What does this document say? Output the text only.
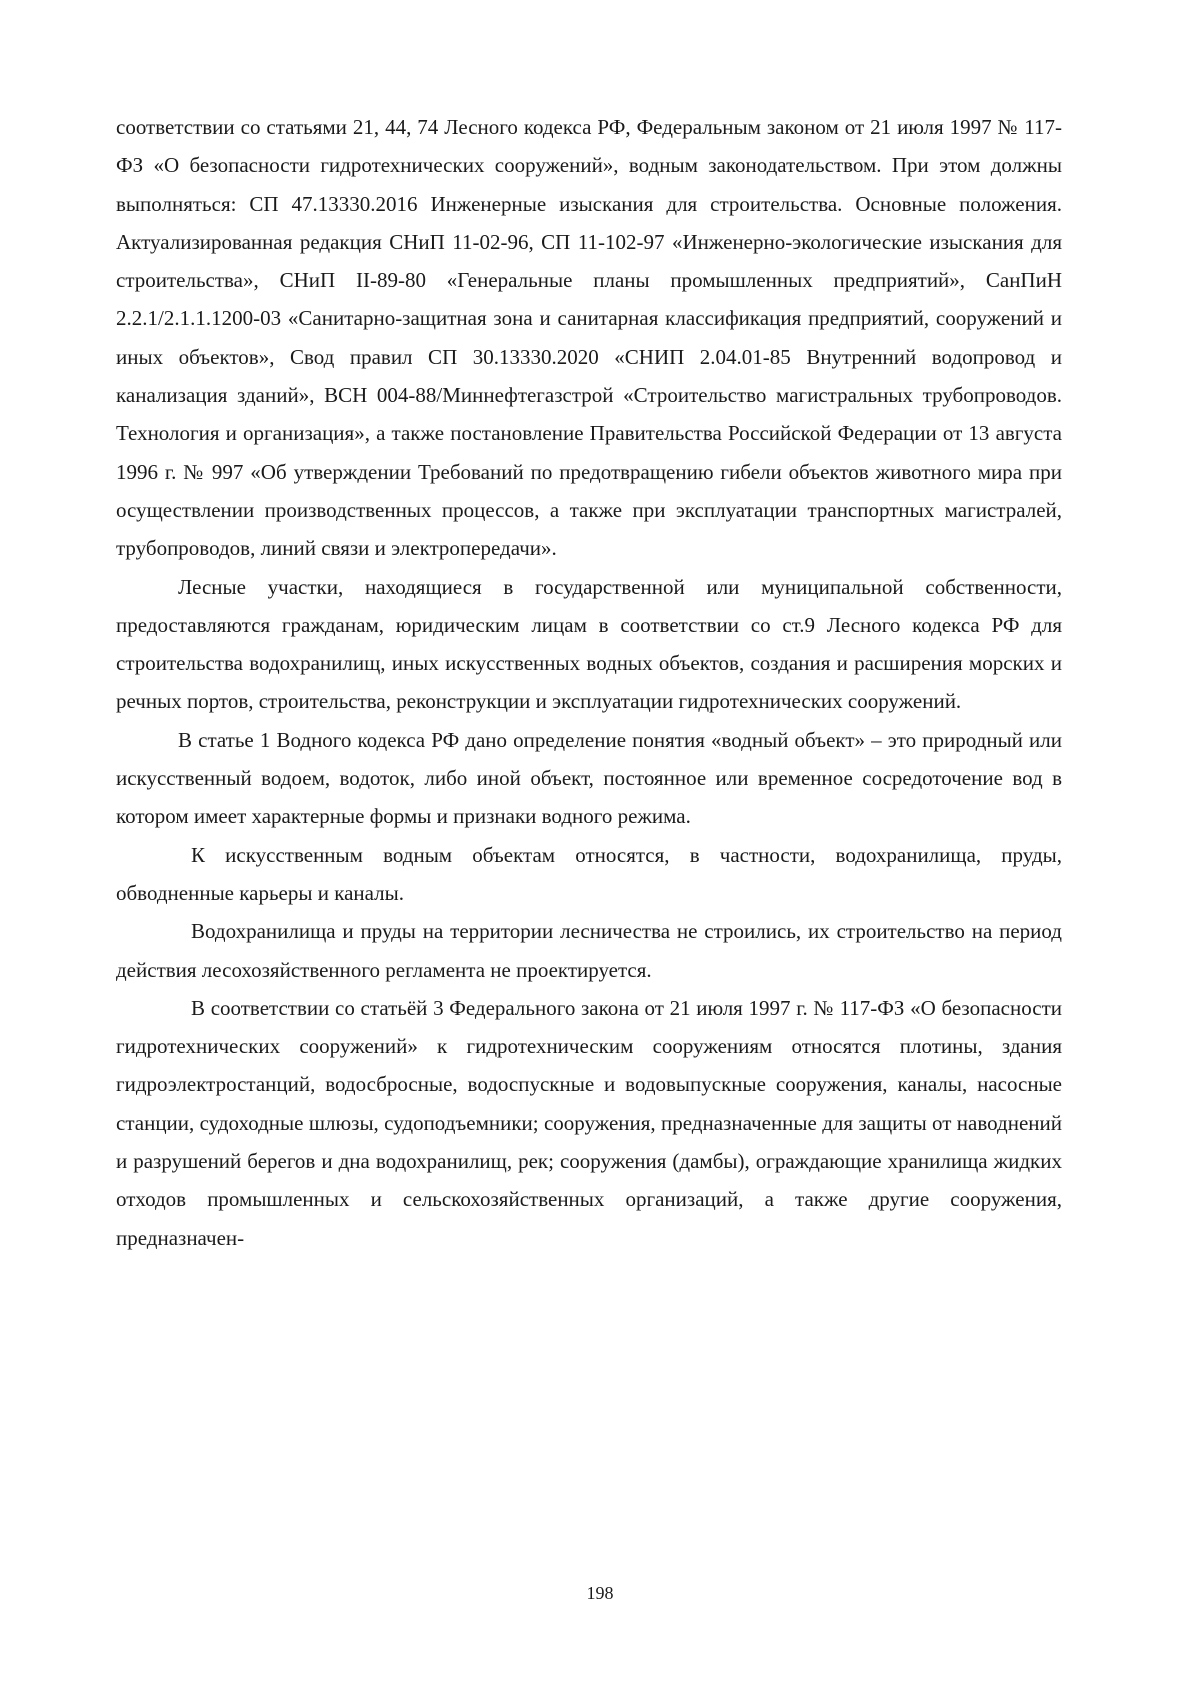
соответствии со статьями 21, 44, 74 Лесного кодекса РФ, Федеральным законом от 21 июля 1997 № 117-ФЗ «О безопасности гидротехнических сооружений», водным законодательством. При этом должны выполняться: СП 47.13330.2016 Инженерные изыскания для строительства. Основные положения. Актуализированная редакция СНиП 11-02-96, СП 11-102-97 «Инженерно-экологические изыскания для строительства», СНиП II-89-80 «Генеральные планы промышленных предприятий», СанПиН 2.2.1/2.1.1.1200-03 «Санитарно-защитная зона и санитарная классификация предприятий, сооружений и иных объектов», Свод правил СП 30.13330.2020 «СНИП 2.04.01-85 Внутренний водопровод и канализация зданий», ВСН 004-88/Миннефтегазстрой «Строительство магистральных трубопроводов. Технология и организация», а также постановление Правительства Российской Федерации от 13 августа 1996 г. № 997 «Об утверждении Требований по предотвращению гибели объектов животного мира при осуществлении производственных процессов, а также при эксплуатации транспортных магистралей, трубопроводов, линий связи и электропередачи».

Лесные участки, находящиеся в государственной или муниципальной собственности, предоставляются гражданам, юридическим лицам в соответствии со ст.9 Лесного кодекса РФ для строительства водохранилищ, иных искусственных водных объектов, создания и расширения морских и речных портов, строительства, реконструкции и эксплуатации гидротехнических сооружений.

В статье 1 Водного кодекса РФ дано определение понятия «водный объект» – это природный или искусственный водоем, водоток, либо иной объект, постоянное или временное сосредоточение вод в котором имеет характерные формы и признаки водного режима.

К искусственным водным объектам относятся, в частности, водохранилища, пруды, обводненные карьеры и каналы.

Водохранилища и пруды на территории лесничества не строились, их строительство на период действия лесохозяйственного регламента не проектируется.

В соответствии со статьёй 3 Федерального закона от 21 июля 1997 г. № 117-ФЗ «О безопасности гидротехнических сооружений» к гидротехническим сооружениям относятся плотины, здания гидроэлектростанций, водосбросные, водоспускные и водовыпускные сооружения, каналы, насосные станции, судоходные шлюзы, судоподъемники; сооружения, предназначенные для защиты от наводнений и разрушений берегов и дна водохранилищ, рек; сооружения (дамбы), ограждающие хранилища жидких отходов промышленных и сельскохозяйственных организаций, а также другие сооружения, предназначен-

198
